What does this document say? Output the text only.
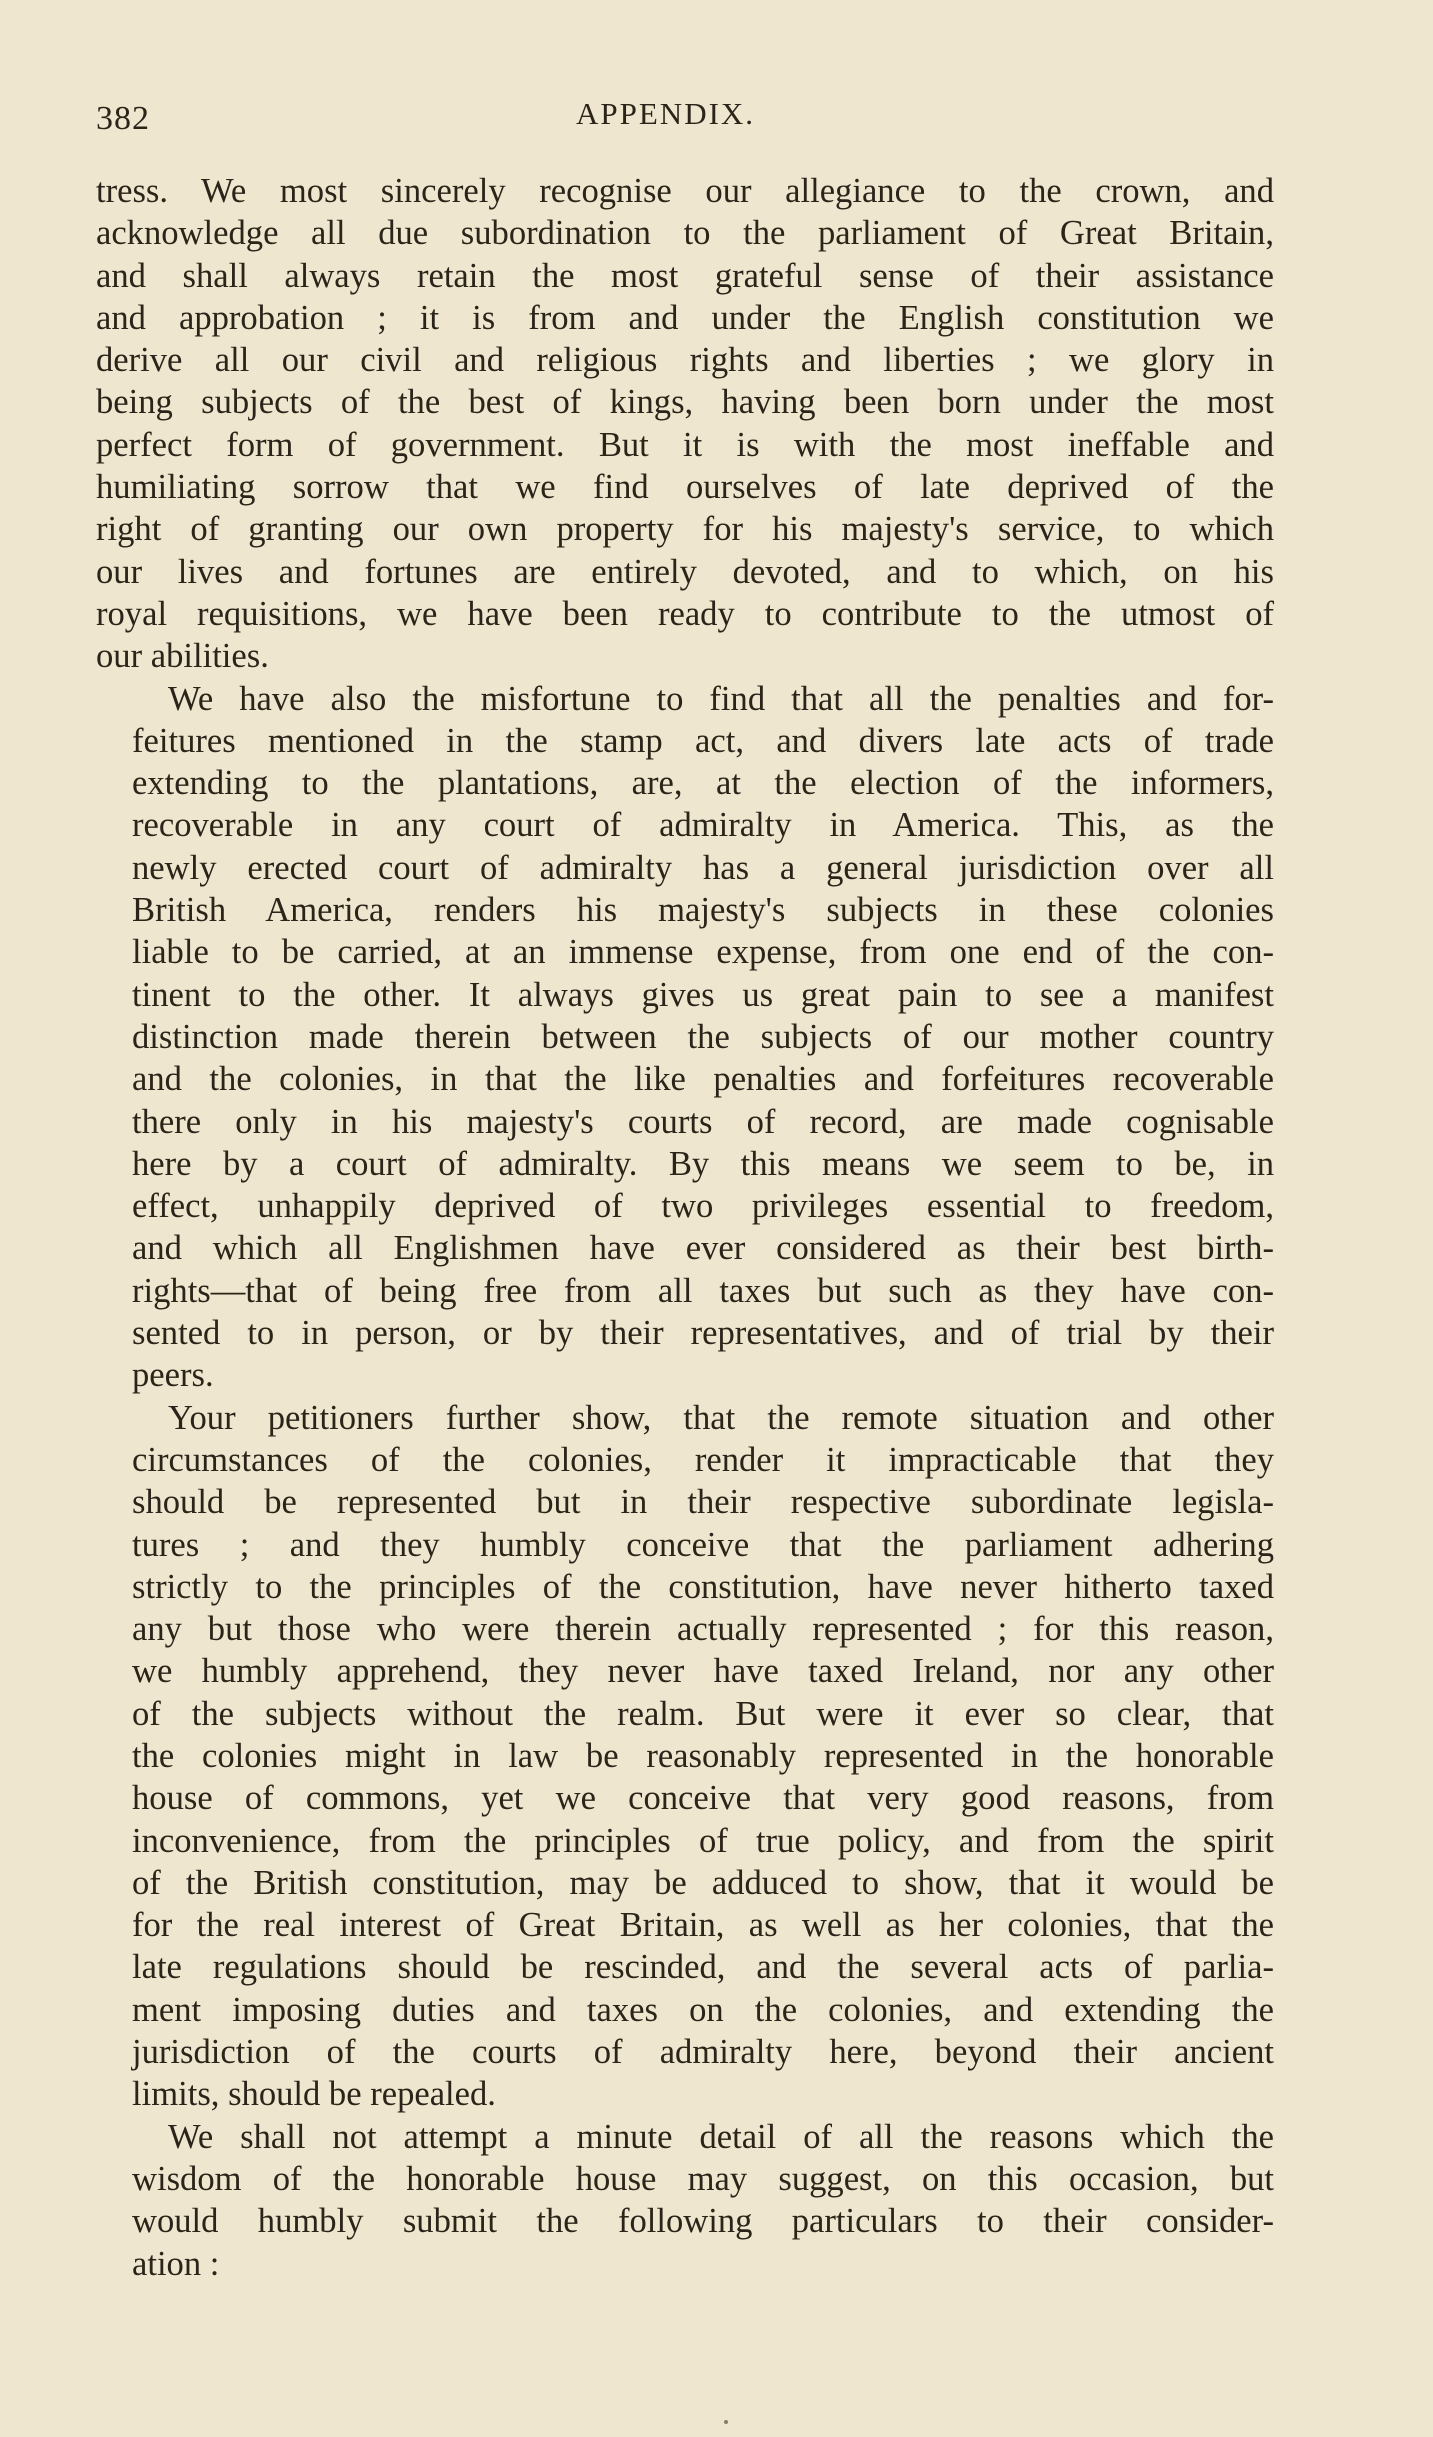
382	APPENDIX.

tress. We most sincerely recognise our allegiance to the crown, and
acknowledge all due subordination to the parliament of Great Britain,
and shall always retain the most grateful sense of their assistance
and approbation ; it is from and under the English constitution we
derive all our civil and religious rights and liberties ; we glory in
being subjects of the best of kings, having been born under the most
perfect form of government. But it is with the most ineffable and
humiliating sorrow that we find ourselves of late deprived of the
right of granting our own property for his majesty's service, to which
our lives and fortunes are entirely devoted, and to which, on his
royal requisitions, we have been ready to contribute to the utmost of
our abilities.

We have also the misfortune to find that all the penalties and for-
feitures mentioned in the stamp act, and divers late acts of trade
extending to the plantations, are, at the election of the informers,
recoverable in any court of admiralty in America. This, as the
newly erected court of admiralty has a general jurisdiction over all
British America, renders his majesty's subjects in these colonies
liable to be carried, at an immense expense, from one end of the con-
tinent to the other. It always gives us great pain to see a manifest
distinction made therein between the subjects of our mother country
and the colonies, in that the like penalties and forfeitures recoverable
there only in his majesty's courts of record, are made cognisable
here by a court of admiralty. By this means we seem to be, in
effect, unhappily deprived of two privileges essential to freedom,
and which all Englishmen have ever considered as their best birth-
rights—that of being free from all taxes but such as they have con-
sented to in person, or by their representatives, and of trial by their
peers.

Your petitioners further show, that the remote situation and other
circumstances of the colonies, render it impracticable that they
should be represented but in their respective subordinate legisla-
tures ; and they humbly conceive that the parliament adhering
strictly to the principles of the constitution, have never hitherto taxed
any but those who were therein actually represented ; for this reason,
we humbly apprehend, they never have taxed Ireland, nor any other
of the subjects without the realm. But were it ever so clear, that
the colonies might in law be reasonably represented in the honorable
house of commons, yet we conceive that very good reasons, from
inconvenience, from the principles of true policy, and from the spirit
of the British constitution, may be adduced to show, that it would be
for the real interest of Great Britain, as well as her colonies, that the
late regulations should be rescinded, and the several acts of parlia-
ment imposing duties and taxes on the colonies, and extending the
jurisdiction of the courts of admiralty here, beyond their ancient
limits, should be repealed.

We shall not attempt a minute detail of all the reasons which the
wisdom of the honorable house may suggest, on this occasion, but
would humbly submit the following particulars to their consider-
ation :
